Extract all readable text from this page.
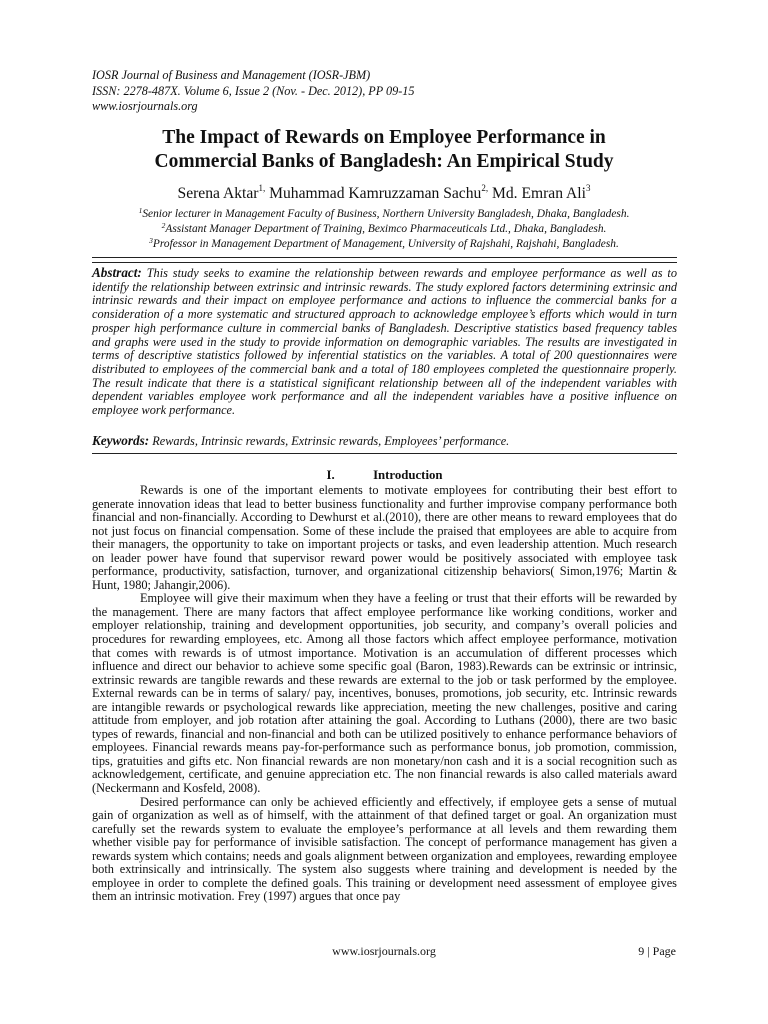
IOSR Journal of Business and Management (IOSR-JBM)
ISSN: 2278-487X. Volume 6, Issue 2 (Nov. - Dec. 2012), PP 09-15
www.iosrjournals.org
The Impact of Rewards on Employee Performance in
Commercial Banks of Bangladesh: An Empirical Study
Serena Aktar$^{1,}$ Muhammad Kamruzzaman Sachu$^{2,}$ Md. Emran Ali$^3$
$^1$Senior lecturer in Management Faculty of Business, Northern University Bangladesh, Dhaka, Bangladesh.
$^2$Assistant Manager Department of Training, Beximco Pharmaceuticals Ltd., Dhaka, Bangladesh.
$^3$Professor in Management Department of Management, University of Rajshahi, Rajshahi, Bangladesh.
Abstract: This study seeks to examine the relationship between rewards and employee performance as well as to identify the relationship between extrinsic and intrinsic rewards. The study explored factors determining extrinsic and intrinsic rewards and their impact on employee performance and actions to influence the commercial banks for a consideration of a more systematic and structured approach to acknowledge employee’s efforts which would in turn prosper high performance culture in commercial banks of Bangladesh. Descriptive statistics based frequency tables and graphs were used in the study to provide information on demographic variables. The results are investigated in terms of descriptive statistics followed by inferential statistics on the variables. A total of 200 questionnaires were distributed to employees of the commercial bank and a total of 180 employees completed the questionnaire properly. The result indicate that there is a statistical significant relationship between all of the independent variables with dependent variables employee work performance and all the independent variables have a positive influence on employee work performance.
Keywords: Rewards, Intrinsic rewards, Extrinsic rewards, Employees’ performance.
I.	Introduction

Rewards is one of the important elements to motivate employees for contributing their best effort to generate innovation ideas that lead to better business functionality and further improvise company performance both financial and non-financially. According to Dewhurst et al.(2010), there are other means to reward employees that do not just focus on financial compensation. Some of these include the praised that employees are able to acquire from their managers, the opportunity to take on important projects or tasks, and even leadership attention. Much research on leader power have found that supervisor reward power would be positively associated with employee task performance, productivity, satisfaction, turnover, and organizational citizenship behaviors( Simon,1976; Martin & Hunt, 1980; Jahangir,2006).

Employee will give their maximum when they have a feeling or trust that their efforts will be rewarded by the management. There are many factors that affect employee performance like working conditions, worker and employer relationship, training and development opportunities, job security, and company’s overall policies and procedures for rewarding employees, etc. Among all those factors which affect employee performance, motivation that comes with rewards is of utmost importance. Motivation is an accumulation of different processes which influence and direct our behavior to achieve some specific goal (Baron, 1983).Rewards can be extrinsic or intrinsic, extrinsic rewards are tangible rewards and these rewards are external to the job or task performed by the employee. External rewards can be in terms of salary/ pay, incentives, bonuses, promotions, job security, etc. Intrinsic rewards are intangible rewards or psychological rewards like appreciation, meeting the new challenges, positive and caring attitude from employer, and job rotation after attaining the goal. According to Luthans (2000), there are two basic types of rewards, financial and non-financial and both can be utilized positively to enhance performance behaviors of employees. Financial rewards means pay-for-performance such as performance bonus, job promotion, commission, tips, gratuities and gifts etc. Non financial rewards are non monetary/non cash and it is a social recognition such as acknowledgement, certificate, and genuine appreciation etc. The non financial rewards is also called materials award (Neckermann and Kosfeld, 2008).

Desired performance can only be achieved efficiently and effectively, if employee gets a sense of mutual gain of organization as well as of himself, with the attainment of that defined target or goal. An organization must carefully set the rewards system to evaluate the employee’s performance at all levels and them rewarding them whether visible pay for performance of invisible satisfaction. The concept of performance management has given a rewards system which contains; needs and goals alignment between organization and employees, rewarding employee both extrinsically and intrinsically. The system also suggests where training and development is needed by the employee in order to complete the defined goals. This training or development need assessment of employee gives them an intrinsic motivation. Frey (1997) argues that once pay

www.iosrjournals.org	9 | Page
